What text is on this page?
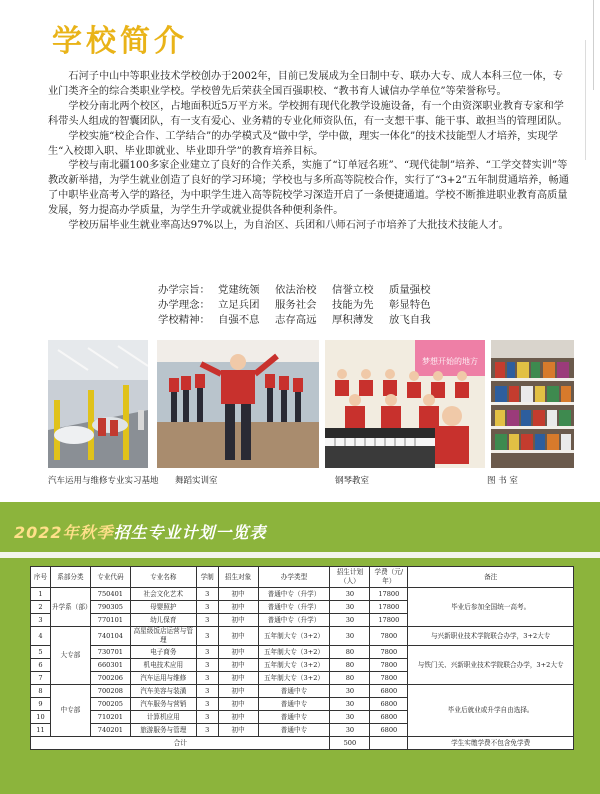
学校简介

石河子中山中等职业技术学校创办于2002年，目前已发展成为全日制中专、联办大专、成人本科三位一体，专业门类齐全的综合类职业学校。学校曾先后荣获全国百强职校、“教书育人诚信办学单位”等荣誉称号。

学校分南北两个校区，占地面积近5万平方米。学校拥有现代化教学设施设备，有一个由资深职业教育专家和学科带头人组成的智囊团队，有一支有爱心、业务精的专业化师资队伍，有一支想干事、能干事、敢担当的管理团队。

学校实施“校企合作、工学结合”的办学模式及“做中学，学中做，理实一体化”的技术技能型人才培养，实现学生“入校即入职、毕业即就业、毕业即升学”的教育培养目标。

学校与南北疆100多家企业建立了良好的合作关系，实施了“订单冠名班”、“现代徒制”培养、“工学交替实训”等教改新举措，为学生就业创造了良好的学习环境；学校也与多所高等院校合作，实行了“3+2”五年制贯通培养，畅通了中职毕业高考入学的路径，为中职学生进入高等院校学习深造开启了一条便捷通道。学校不断推进职业教育高质量发展，努力提高办学质量，为学生升学或就业提供各种便利条件。

学校历届毕业生就业率高达97%以上，为自治区、兵团和八师石河子市培养了大批技术技能人才。

办学宗旨： 党建统领	依法治校	信誉立校	质量强校
办学理念： 立足兵团	服务社会	技能为先	彰显特色
学校精神： 自强不息	志存高远	厚积薄发	放飞自我
梦想开始的地方
汽车运用与维修专业实习基地 舞蹈实训室	钢琴教室	图 书 室
2022年秋季招生专业计划一览表
序号	系部分类	专业代码	专业名称	学制	招生对象	办学类型	招生计划（人）	学费（元/年）	备注
1	升学系（部）	750401	社会文化艺术	3	初中	普通中专（升学）	30	17800	毕业后参加全国统一高考。
2		790305	母婴照护	3	初中	普通中专（升学）	30	17800	
3		770101	幼儿保育	3	初中	普通中专（升学）	30	17800	
4	大专部	740104	高星级饭店运营与管理	3	初中	五年制大专（3+2）	30	7800	与兴新职业技术学院联合办学，3+2大专
5		730701	电子商务	3	初中	五年制大专（3+2）	80	7800	与铁门关、兴新职业技术学院联合办学，3+2大专
6		660301	机电技术应用	3	初中	五年制大专（3+2）	80	7800	
7		700206	汽车运用与维修	3	初中	五年制大专（3+2）	80	7800	
8	中专部	700208	汽车美容与装潢	3	初中	普通中专	30	6800	毕业后就业或升学自由选择。
9		700205	汽车服务与营销	3	初中	普通中专	30	6800	
10		710201	计算机应用	3	初中	普通中专	30	6800	
11		740201	旅游服务与管理	3	初中	普通中专	30	6800	
合计							500		学生实缴学费不包含免学费
